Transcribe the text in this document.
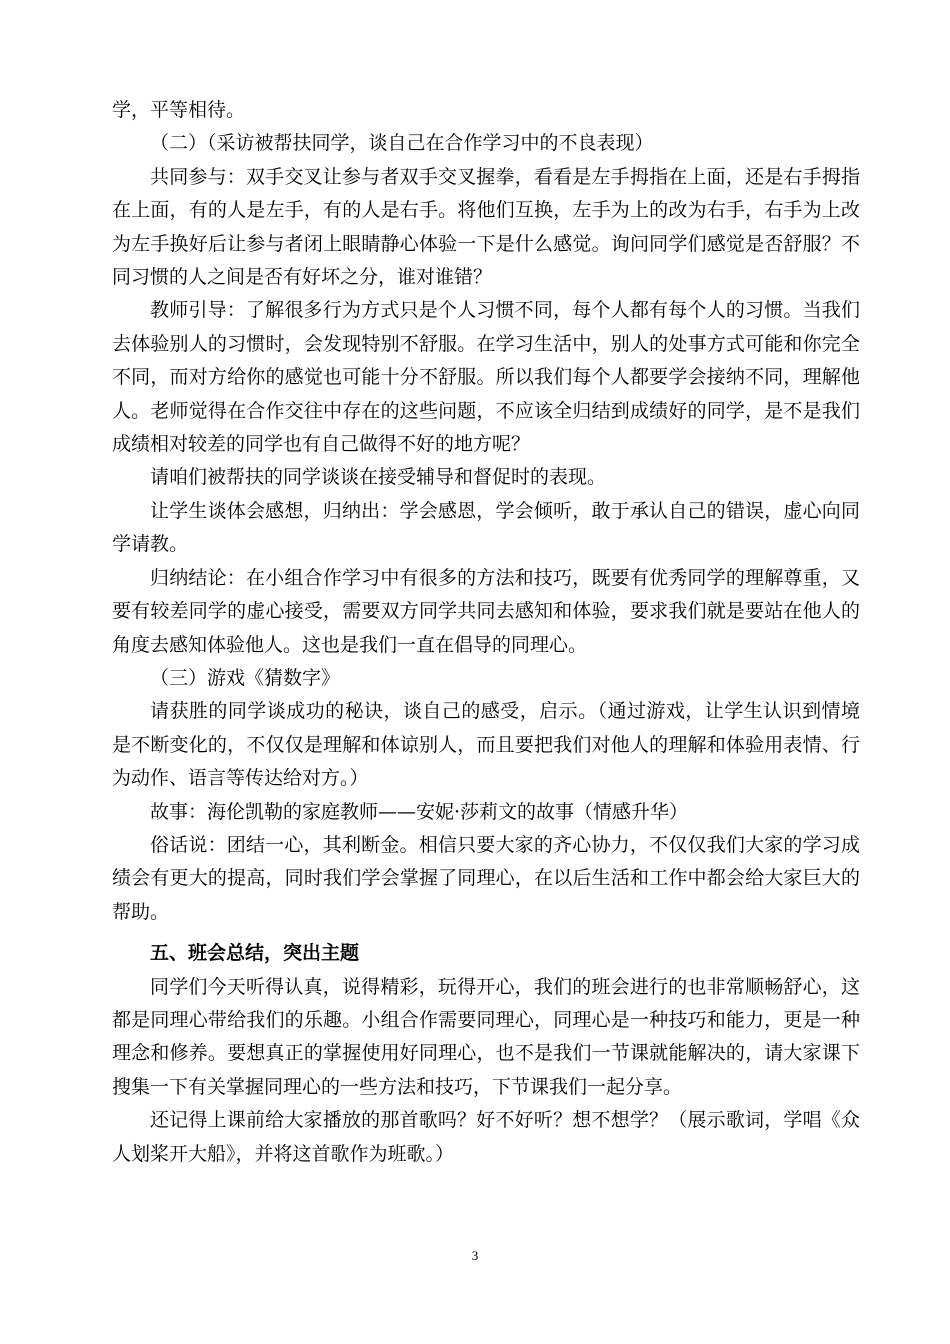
学，平等相待。

（二）（采访被帮扶同学，谈自己在合作学习中的不良表现）

共同参与：双手交叉让参与者双手交叉握拳，看看是左手拇指在上面，还是右手拇指在上面，有的人是左手，有的人是右手。将他们互换，左手为上的改为右手，右手为上改为左手换好后让参与者闭上眼睛静心体验一下是什么感觉。询问同学们感觉是否舒服？不同习惯的人之间是否有好坏之分，谁对谁错？

教师引导：了解很多行为方式只是个人习惯不同，每个人都有每个人的习惯。当我们去体验别人的习惯时，会发现特别不舒服。在学习生活中，别人的处事方式可能和你完全不同，而对方给你的感觉也可能十分不舒服。所以我们每个人都要学会接纳不同，理解他人。老师觉得在合作交往中存在的这些问题，不应该全归结到成绩好的同学，是不是我们成绩相对较差的同学也有自己做得不好的地方呢？

请咱们被帮扶的同学谈谈在接受辅导和督促时的表现。

让学生谈体会感想，归纳出：学会感恩，学会倾听，敢于承认自己的错误，虚心向同学请教。

归纳结论：在小组合作学习中有很多的方法和技巧，既要有优秀同学的理解尊重，又要有较差同学的虚心接受，需要双方同学共同去感知和体验，要求我们就是要站在他人的角度去感知体验他人。这也是我们一直在倡导的同理心。

（三）游戏《猜数字》

请获胜的同学谈成功的秘诀，谈自己的感受，启示。（通过游戏，让学生认识到情境是不断变化的，不仅仅是理解和体谅别人，而且要把我们对他人的理解和体验用表情、行为动作、语言等传达给对方。）

故事：海伦凯勒的家庭教师——安妮·莎莉文的故事（情感升华）

俗话说：团结一心，其利断金。相信只要大家的齐心协力，不仅仅我们大家的学习成绩会有更大的提高，同时我们学会掌握了同理心，在以后生活和工作中都会给大家巨大的帮助。

五、班会总结，突出主题

同学们今天听得认真，说得精彩，玩得开心，我们的班会进行的也非常顺畅舒心，这都是同理心带给我们的乐趣。小组合作需要同理心，同理心是一种技巧和能力，更是一种理念和修养。要想真正的掌握使用好同理心，也不是我们一节课就能解决的，请大家课下搜集一下有关掌握同理心的一些方法和技巧，下节课我们一起分享。

还记得上课前给大家播放的那首歌吗？好不好听？想不想学？（展示歌词，学唱《众人划桨开大船》，并将这首歌作为班歌。）

3
